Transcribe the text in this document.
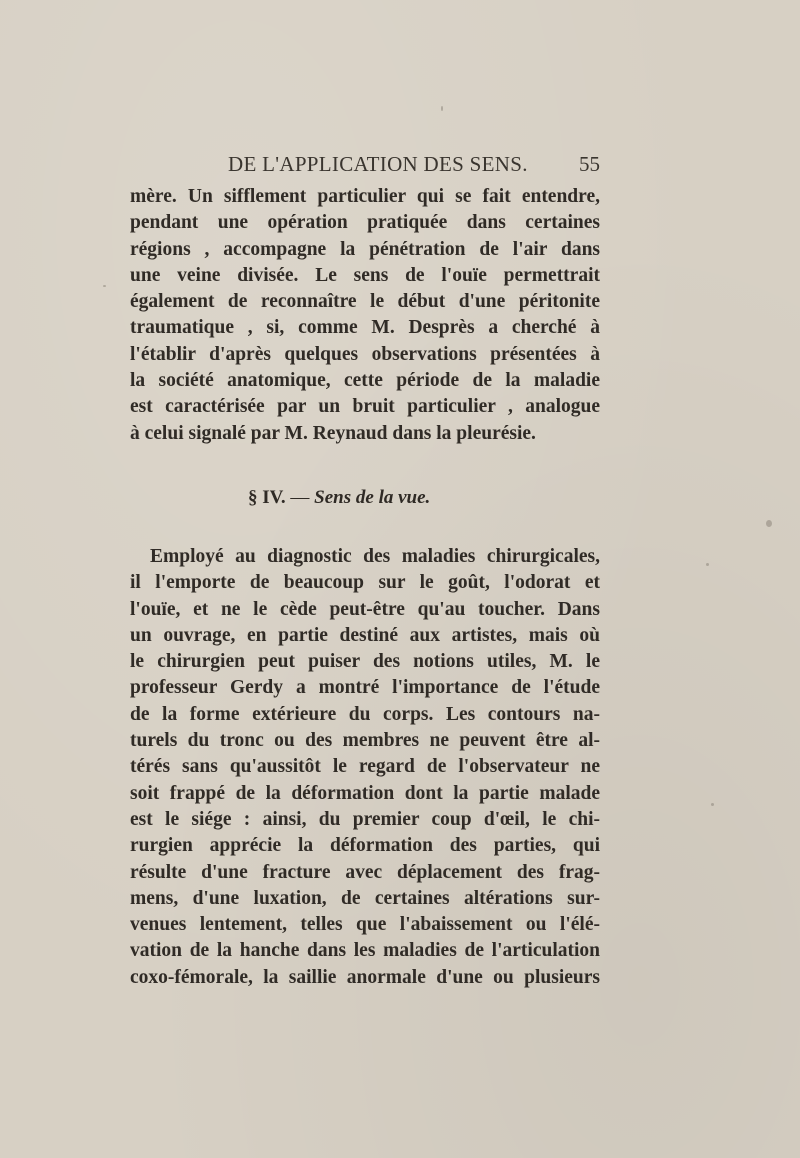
DE L'APPLICATION DES SENS. 55
mère. Un sifflement particulier qui se fait entendre,
pendant une opération pratiquée dans certaines
régions , accompagne la pénétration de l'air dans
une veine divisée. Le sens de l'ouïe permettrait
également de reconnaître le début d'une péritonite
traumatique , si, comme M. Desprès a cherché à
l'établir d'après quelques observations présentées à
la société anatomique, cette période de la maladie
est caractérisée par un bruit particulier , analogue
à celui signalé par M. Reynaud dans la pleurésie.
§ IV. — Sens de la vue.
Employé au diagnostic des maladies chirurgicales,
il l'emporte de beaucoup sur le goût, l'odorat et
l'ouïe, et ne le cède peut-être qu'au toucher. Dans
un ouvrage, en partie destiné aux artistes, mais où
le chirurgien peut puiser des notions utiles, M. le
professeur Gerdy a montré l'importance de l'étude
de la forme extérieure du corps. Les contours na-
turels du tronc ou des membres ne peuvent être al-
térés sans qu'aussitôt le regard de l'observateur ne
soit frappé de la déformation dont la partie malade
est le siége : ainsi, du premier coup d'œil, le chi-
rurgien apprécie la déformation des parties, qui
résulte d'une fracture avec déplacement des frag-
mens, d'une luxation, de certaines altérations sur-
venues lentement, telles que l'abaissement ou l'élé-
vation de la hanche dans les maladies de l'articulation
coxo-fémorale, la saillie anormale d'une ou plusieurs
